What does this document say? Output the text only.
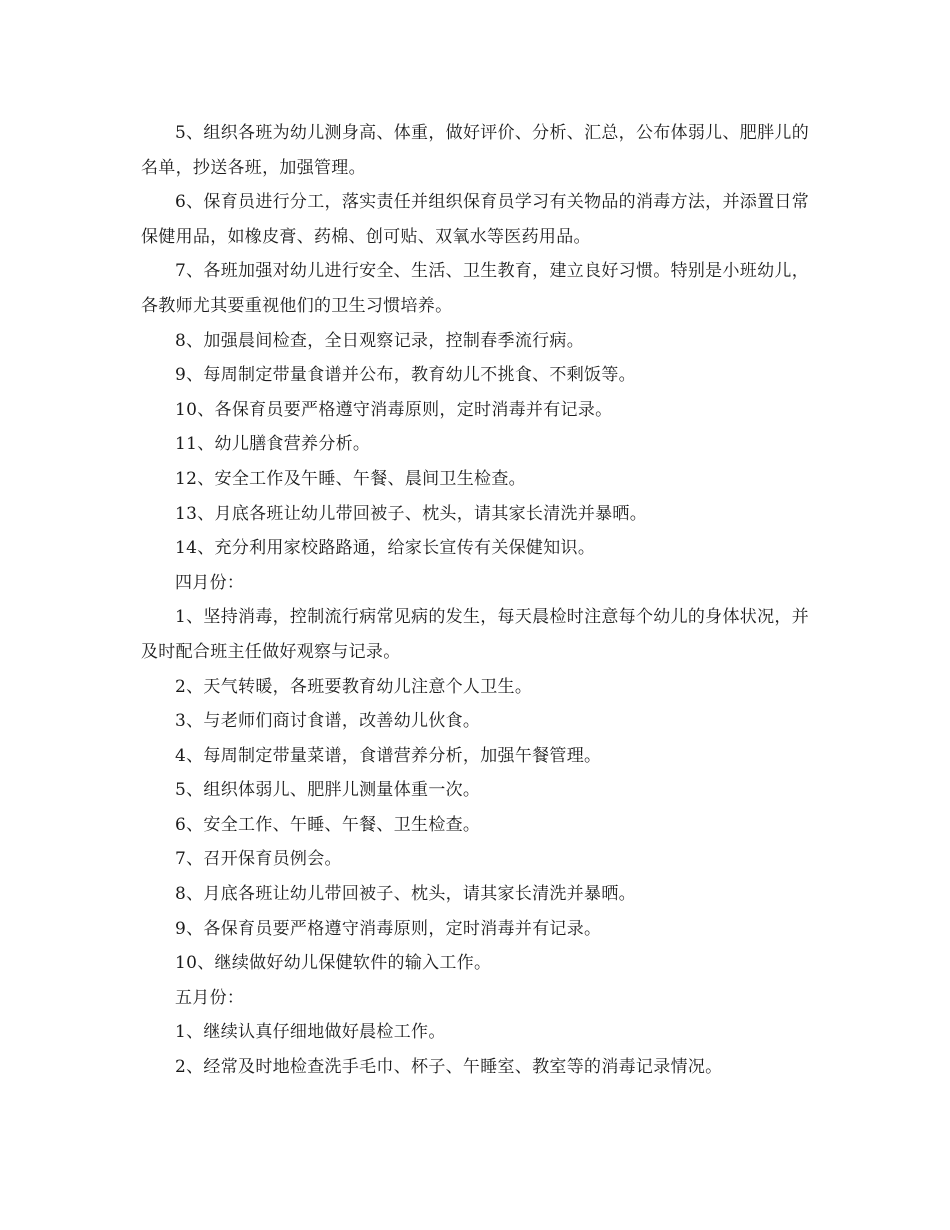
5、组织各班为幼儿测身高、体重，做好评价、分析、汇总，公布体弱儿、肥胖儿的名单，抄送各班，加强管理。

6、保育员进行分工，落实责任并组织保育员学习有关物品的消毒方法，并添置日常保健用品，如橡皮膏、药棉、创可贴、双氧水等医药用品。

7、各班加强对幼儿进行安全、生活、卫生教育，建立良好习惯。特别是小班幼儿，各教师尤其要重视他们的卫生习惯培养。

8、加强晨间检查，全日观察记录，控制春季流行病。

9、每周制定带量食谱并公布，教育幼儿不挑食、不剩饭等。

10、各保育员要严格遵守消毒原则，定时消毒并有记录。

11、幼儿膳食营养分析。

12、安全工作及午睡、午餐、晨间卫生检查。

13、月底各班让幼儿带回被子、枕头，请其家长清洗并暴晒。

14、充分利用家校路路通，给家长宣传有关保健知识。

四月份：

1、坚持消毒，控制流行病常见病的发生，每天晨检时注意每个幼儿的身体状况，并及时配合班主任做好观察与记录。

2、天气转暖，各班要教育幼儿注意个人卫生。

3、与老师们商讨食谱，改善幼儿伙食。

4、每周制定带量菜谱，食谱营养分析，加强午餐管理。

5、组织体弱儿、肥胖儿测量体重一次。

6、安全工作、午睡、午餐、卫生检查。

7、召开保育员例会。

8、月底各班让幼儿带回被子、枕头，请其家长清洗并暴晒。

9、各保育员要严格遵守消毒原则，定时消毒并有记录。

10、继续做好幼儿保健软件的输入工作。

五月份：

1、继续认真仔细地做好晨检工作。

2、经常及时地检查洗手毛巾、杯子、午睡室、教室等的消毒记录情况。
